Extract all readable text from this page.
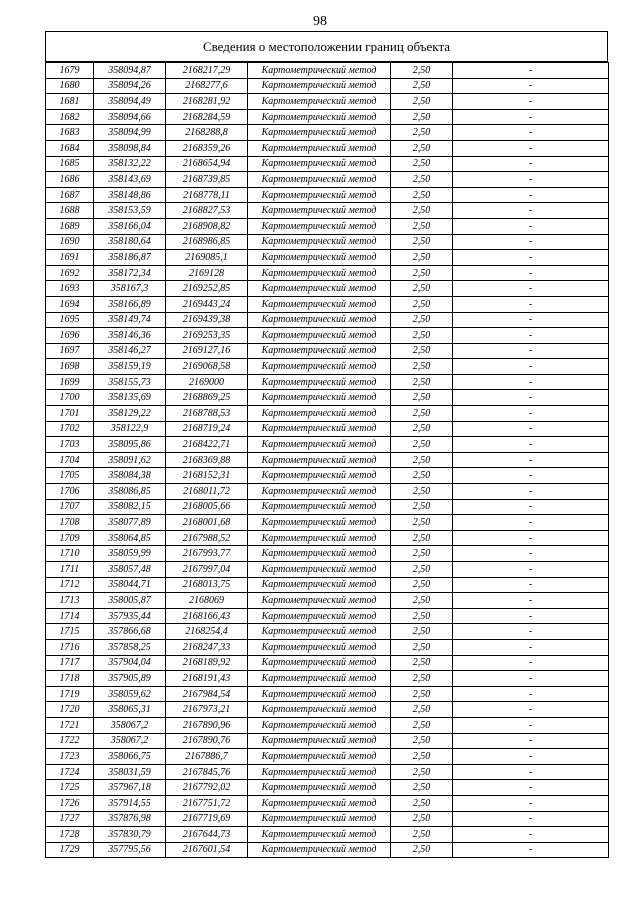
98
Сведения о местоположении границ объекта
1679	358094,87	2168217,29	Картометрический метод	2,50	-
1680	358094,26	2168277,6	Картометрический метод	2,50	-
1681	358094,49	2168281,92	Картометрический метод	2,50	-
1682	358094,66	2168284,59	Картометрический метод	2,50	-
1683	358094,99	2168288,8	Картометрический метод	2,50	-
1684	358098,84	2168359,26	Картометрический метод	2,50	-
1685	358132,22	2168654,94	Картометрический метод	2,50	-
1686	358143,69	2168739,85	Картометрический метод	2,50	-
1687	358148,86	2168778,11	Картометрический метод	2,50	-
1688	358153,59	2168827,53	Картометрический метод	2,50	-
1689	358166,04	2168908,82	Картометрический метод	2,50	-
1690	358180,64	2168986,85	Картометрический метод	2,50	-
1691	358186,87	2169085,1	Картометрический метод	2,50	-
1692	358172,34	2169128	Картометрический метод	2,50	-
1693	358167,3	2169252,85	Картометрический метод	2,50	-
1694	358166,89	2169443,24	Картометрический метод	2,50	-
1695	358149,74	2169439,38	Картометрический метод	2,50	-
1696	358146,36	2169253,35	Картометрический метод	2,50	-
1697	358146,27	2169127,16	Картометрический метод	2,50	-
1698	358159,19	2169068,58	Картометрический метод	2,50	-
1699	358155,73	2169000	Картометрический метод	2,50	-
1700	358135,69	2168869,25	Картометрический метод	2,50	-
1701	358129,22	2168788,53	Картометрический метод	2,50	-
1702	358122,9	2168719,24	Картометрический метод	2,50	-
1703	358095,86	2168422,71	Картометрический метод	2,50	-
1704	358091,62	2168369,88	Картометрический метод	2,50	-
1705	358084,38	2168152,31	Картометрический метод	2,50	-
1706	358086,85	2168011,72	Картометрический метод	2,50	-
1707	358082,15	2168005,66	Картометрический метод	2,50	-
1708	358077,89	2168001,68	Картометрический метод	2,50	-
1709	358064,85	2167988,52	Картометрический метод	2,50	-
1710	358059,99	2167993,77	Картометрический метод	2,50	-
1711	358057,48	2167997,04	Картометрический метод	2,50	-
1712	358044,71	2168013,75	Картометрический метод	2,50	-
1713	358005,87	2168069	Картометрический метод	2,50	-
1714	357935,44	2168166,43	Картометрический метод	2,50	-
1715	357866,68	2168254,4	Картометрический метод	2,50	-
1716	357858,25	2168247,33	Картометрический метод	2,50	-
1717	357904,04	2168189,92	Картометрический метод	2,50	-
1718	357905,89	2168191,43	Картометрический метод	2,50	-
1719	358059,62	2167984,54	Картометрический метод	2,50	-
1720	358065,31	2167973,21	Картометрический метод	2,50	-
1721	358067,2	2167890,96	Картометрический метод	2,50	-
1722	358067,2	2167890,76	Картометрический метод	2,50	-
1723	358066,75	2167886,7	Картометрический метод	2,50	-
1724	358031,59	2167845,76	Картометрический метод	2,50	-
1725	357967,18	2167792,02	Картометрический метод	2,50	-
1726	357914,55	2167751,72	Картометрический метод	2,50	-
1727	357876,98	2167719,69	Картометрический метод	2,50	-
1728	357830,79	2167644,73	Картометрический метод	2,50	-
1729	357795,56	2167601,54	Картометрический метод	2,50	-
